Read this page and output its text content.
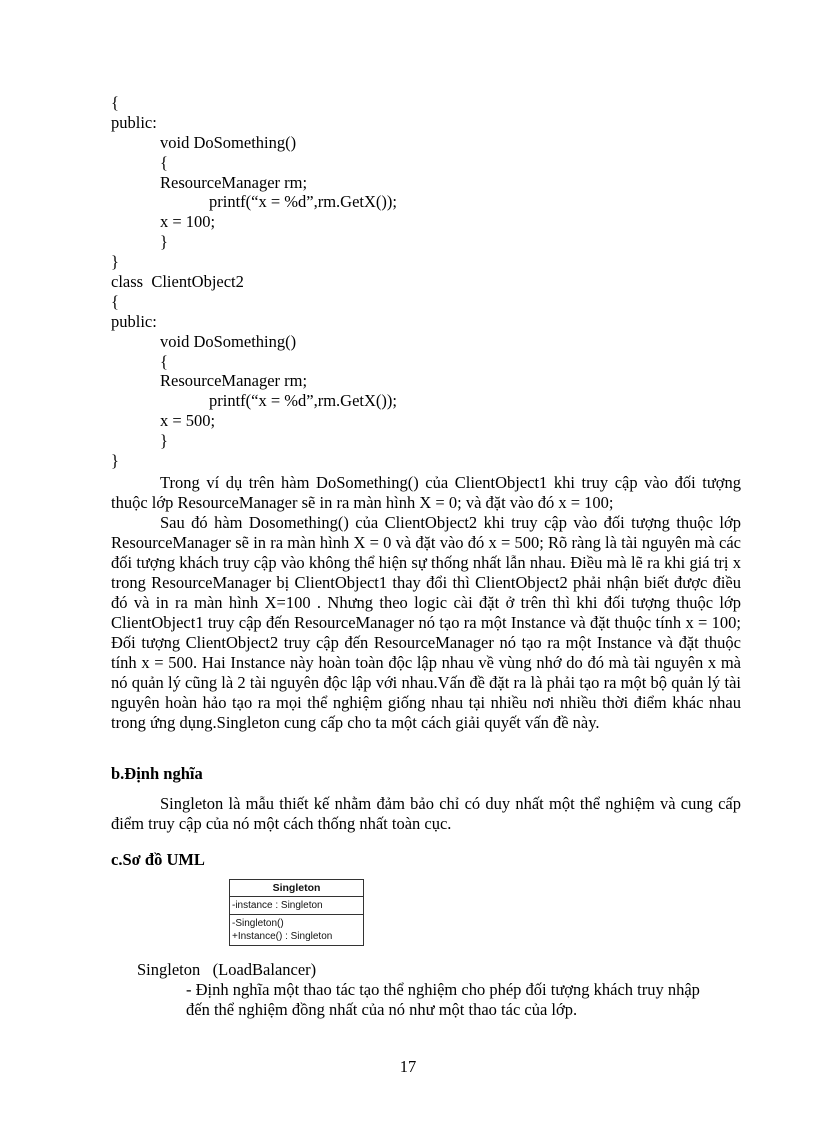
{
public:
void DoSomething()
{
ResourceManager rm;
printf(“x = %d”,rm.GetX());
x = 100;
}
}
class  ClientObject2
{
public:
void DoSomething()
{
ResourceManager rm;
printf(“x = %d”,rm.GetX());
x = 500;
}
}

Trong ví dụ trên hàm DoSomething() của ClientObject1 khi truy cập vào đối tượng thuộc lớp ResourceManager sẽ in ra màn hình X = 0; và đặt vào đó x = 100;

Sau đó hàm Dosomething() của ClientObject2 khi truy cập vào đối tượng thuộc lớp ResourceManager sẽ in ra màn hình X = 0 và đặt vào đó x = 500; Rõ ràng là tài nguyên mà các đối tượng khách truy cập vào không thể hiện sự thống nhất lẫn nhau. Điều mà lẽ ra khi giá trị x trong ResourceManager bị ClientObject1 thay đổi thì ClientObject2 phải nhận biết được điều đó và in ra màn hình X=100 . Nhưng theo logic cài đặt ở trên thì khi đối tượng thuộc lớp ClientObject1 truy cập đến ResourceManager nó tạo ra một Instance và đặt thuộc tính x = 100; Đối tượng ClientObject2 truy cập đến ResourceManager nó tạo ra một Instance và đặt thuộc tính x = 500. Hai Instance này hoàn toàn độc lập nhau về vùng nhớ do đó mà tài nguyên x mà nó quản lý cũng là 2 tài nguyên độc lập với nhau.Vấn đề đặt ra là phải tạo ra một bộ quản lý tài nguyên hoàn hảo tạo ra mọi thể nghiệm giống nhau tại nhiều nơi nhiều thời điểm khác nhau trong ứng dụng.Singleton cung cấp cho ta một cách giải quyết vấn đề này.

b.Định nghĩa

Singleton là mẫu thiết kế nhằm đảm bảo chỉ có duy nhất một thể nghiệm và cung cấp điểm truy cập của nó một cách thống nhất toàn cục.

c.Sơ đồ UML
Singleton
-instance : Singleton
-Singleton()
+Instance() : Singleton
Singleton   (LoadBalancer)
- Định nghĩa một thao tác tạo thể nghiệm cho phép đối tượng khách truy nhập đến thể nghiệm đồng nhất của nó như một thao tác của lớp.
17
